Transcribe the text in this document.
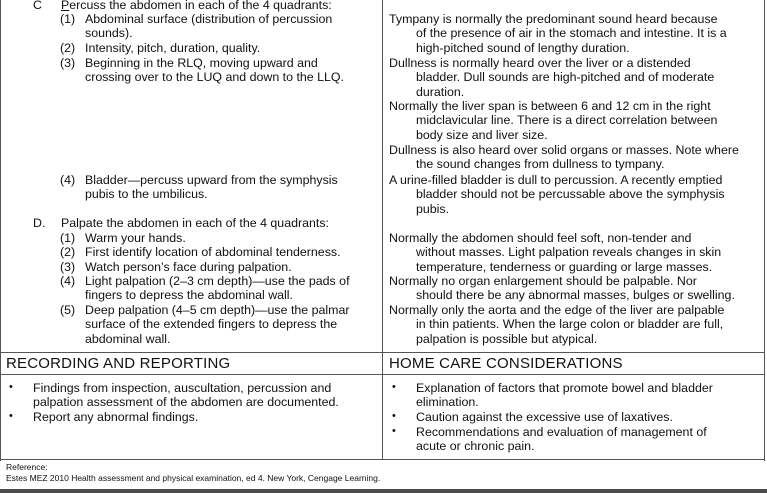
C Percuss the abdomen in each of the 4 quadrants:
(1) Abdominal surface (distribution of percussion
sounds).
(2) Intensity, pitch, duration, quality.
(3) Beginning in the RLQ, moving upward and
crossing over to the LUQ and down to the LLQ.
(4) Bladder—percuss upward from the symphysis
pubis to the umbilicus.
D. Palpate the abdomen in each of the 4 quadrants:
(1) Warm your hands.
(2) First identify location of abdominal tenderness.
(3) Watch person’s face during palpation.
(4) Light palpation (2–3 cm depth)—use the pads of
fingers to depress the abdominal wall.
(5) Deep palpation (4–5 cm depth)—use the palmar
surface of the extended fingers to depress the
abdominal wall.
Tympany is normally the predominant sound heard because
of the presence of air in the stomach and intestine. It is a
high-pitched sound of lengthy duration.
Dullness is normally heard over the liver or a distended
bladder. Dull sounds are high-pitched and of moderate
duration.
Normally the liver span is between 6 and 12 cm in the right
midclavicular line. There is a direct correlation between
body size and liver size.
Dullness is also heard over solid organs or masses. Note where
the sound changes from dullness to tympany.
A urine-filled bladder is dull to percussion. A recently emptied
bladder should not be percussable above the symphysis
pubis.
Normally the abdomen should feel soft, non-tender and
without masses. Light palpation reveals changes in skin
temperature, tenderness or guarding or large masses.
Normally no organ enlargement should be palpable. Nor
should there be any abnormal masses, bulges or swelling.
Normally only the aorta and the edge of the liver are palpable
in thin patients. When the large colon or bladder are full,
palpation is possible but atypical.
RECORDING AND REPORTING	HOME CARE CONSIDERATIONS
• Findings from inspection, auscultation, percussion and
palpation assessment of the abdomen are documented.
• Report any abnormal findings.
• Explanation of factors that promote bowel and bladder
elimination.
• Caution against the excessive use of laxatives.
• Recommendations and evaluation of management of
acute or chronic pain.
Reference:
Estes MEZ 2010 Health assessment and physical examination, ed 4. New York, Cengage Learning.
